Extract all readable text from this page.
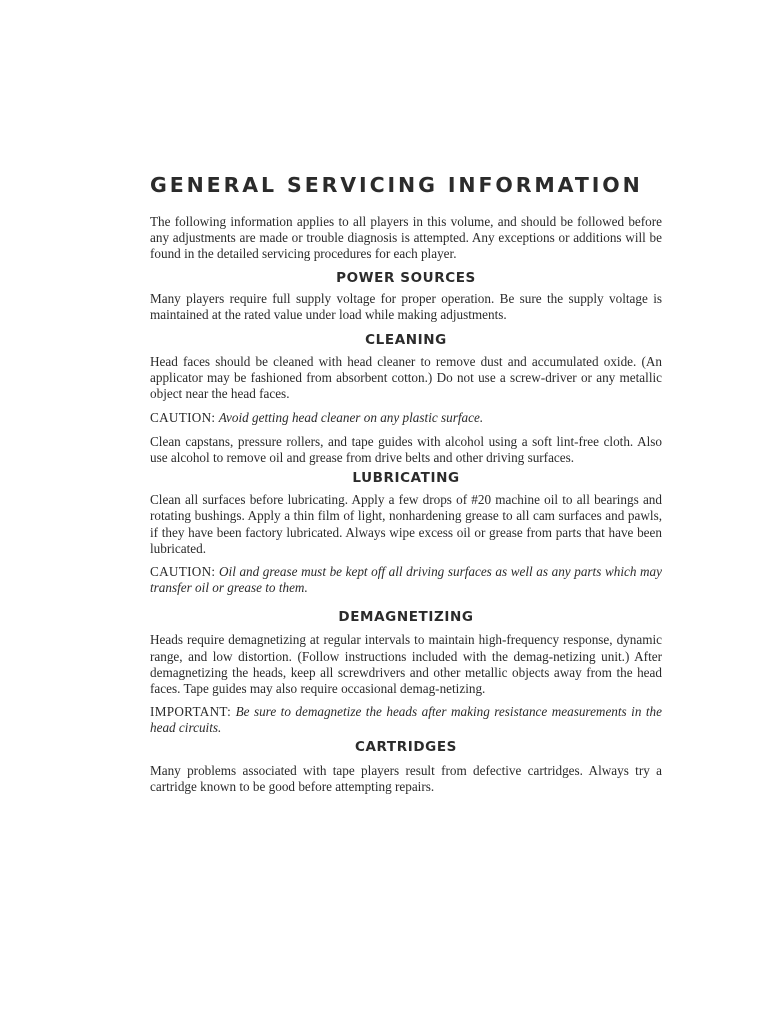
GENERAL SERVICING INFORMATION

The following information applies to all players in this volume, and should be followed before any adjustments are made or trouble diagnosis is attempted. Any exceptions or additions will be found in the detailed servicing procedures for each player.

POWER SOURCES

Many players require full supply voltage for proper operation. Be sure the supply voltage is maintained at the rated value under load while making adjustments.

CLEANING

Head faces should be cleaned with head cleaner to remove dust and accumulated oxide. (An applicator may be fashioned from absorbent cotton.) Do not use a screw-driver or any metallic object near the head faces.

CAUTION: Avoid getting head cleaner on any plastic surface.

Clean capstans, pressure rollers, and tape guides with alcohol using a soft lint-free cloth. Also use alcohol to remove oil and grease from drive belts and other driving surfaces.

LUBRICATING

Clean all surfaces before lubricating. Apply a few drops of #20 machine oil to all bearings and rotating bushings. Apply a thin film of light, nonhardening grease to all cam surfaces and pawls, if they have been factory lubricated. Always wipe excess oil or grease from parts that have been lubricated.

CAUTION: Oil and grease must be kept off all driving surfaces as well as any parts which may transfer oil or grease to them.

DEMAGNETIZING

Heads require demagnetizing at regular intervals to maintain high-frequency response, dynamic range, and low distortion. (Follow instructions included with the demag-netizing unit.) After demagnetizing the heads, keep all screwdrivers and other metallic objects away from the head faces. Tape guides may also require occasional demag-netizing.

IMPORTANT: Be sure to demagnetize the heads after making resistance measurements in the head circuits.

CARTRIDGES

Many problems associated with tape players result from defective cartridges. Always try a cartridge known to be good before attempting repairs.
